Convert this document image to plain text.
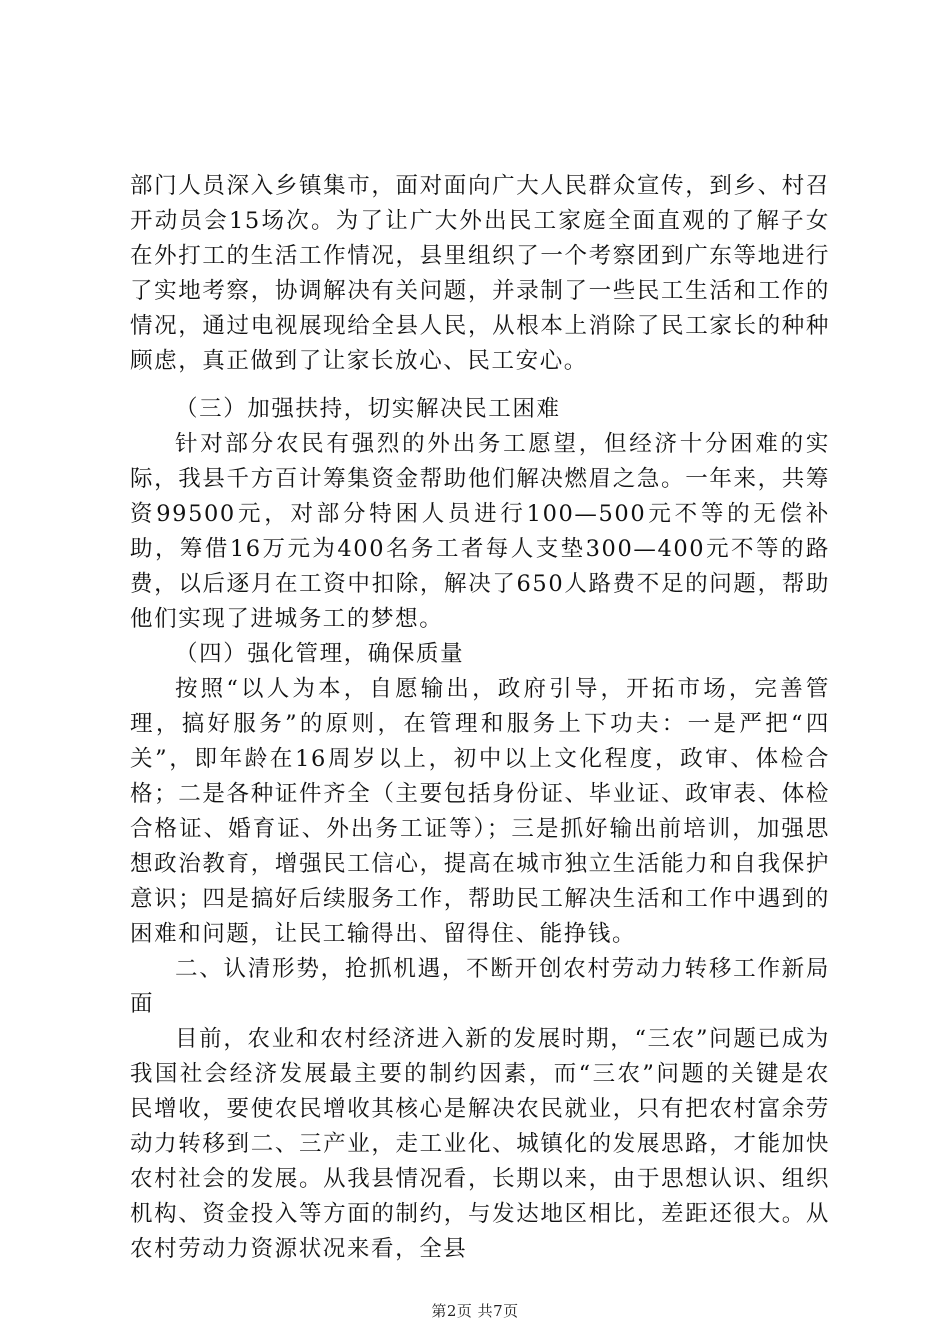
部门人员深入乡镇集市，面对面向广大人民群众宣传，到乡、村召开动员会15场次。为了让广大外出民工家庭全面直观的了解子女在外打工的生活工作情况，县里组织了一个考察团到广东等地进行了实地考察，协调解决有关问题，并录制了一些民工生活和工作的情况，通过电视展现给全县人民，从根本上消除了民工家长的种种顾虑，真正做到了让家长放心、民工安心。

（三）加强扶持，切实解决民工困难

针对部分农民有强烈的外出务工愿望，但经济十分困难的实际，我县千方百计筹集资金帮助他们解决燃眉之急。一年来，共筹资99500元，对部分特困人员进行100—500元不等的无偿补助，筹借16万元为400名务工者每人支垫300—400元不等的路费，以后逐月在工资中扣除，解决了650人路费不足的问题，帮助他们实现了进城务工的梦想。

（四）强化管理，确保质量

按照“以人为本，自愿输出，政府引导，开拓市场，完善管理，搞好服务”的原则，在管理和服务上下功夫：一是严把“四关”，即年龄在16周岁以上，初中以上文化程度，政审、体检合格；二是各种证件齐全（主要包括身份证、毕业证、政审表、体检合格证、婚育证、外出务工证等）；三是抓好输出前培训，加强思想政治教育，增强民工信心，提高在城市独立生活能力和自我保护意识；四是搞好后续服务工作，帮助民工解决生活和工作中遇到的困难和问题，让民工输得出、留得住、能挣钱。

二、认清形势，抢抓机遇，不断开创农村劳动力转移工作新局面

目前，农业和农村经济进入新的发展时期，“三农”问题已成为我国社会经济发展最主要的制约因素，而“三农”问题的关键是农民增收，要使农民增收其核心是解决农民就业，只有把农村富余劳动力转移到二、三产业，走工业化、城镇化的发展思路，才能加快农村社会的发展。从我县情况看，长期以来，由于思想认识、组织机构、资金投入等方面的制约，与发达地区相比，差距还很大。从农村劳动力资源状况来看，全县

第2页 共7页
